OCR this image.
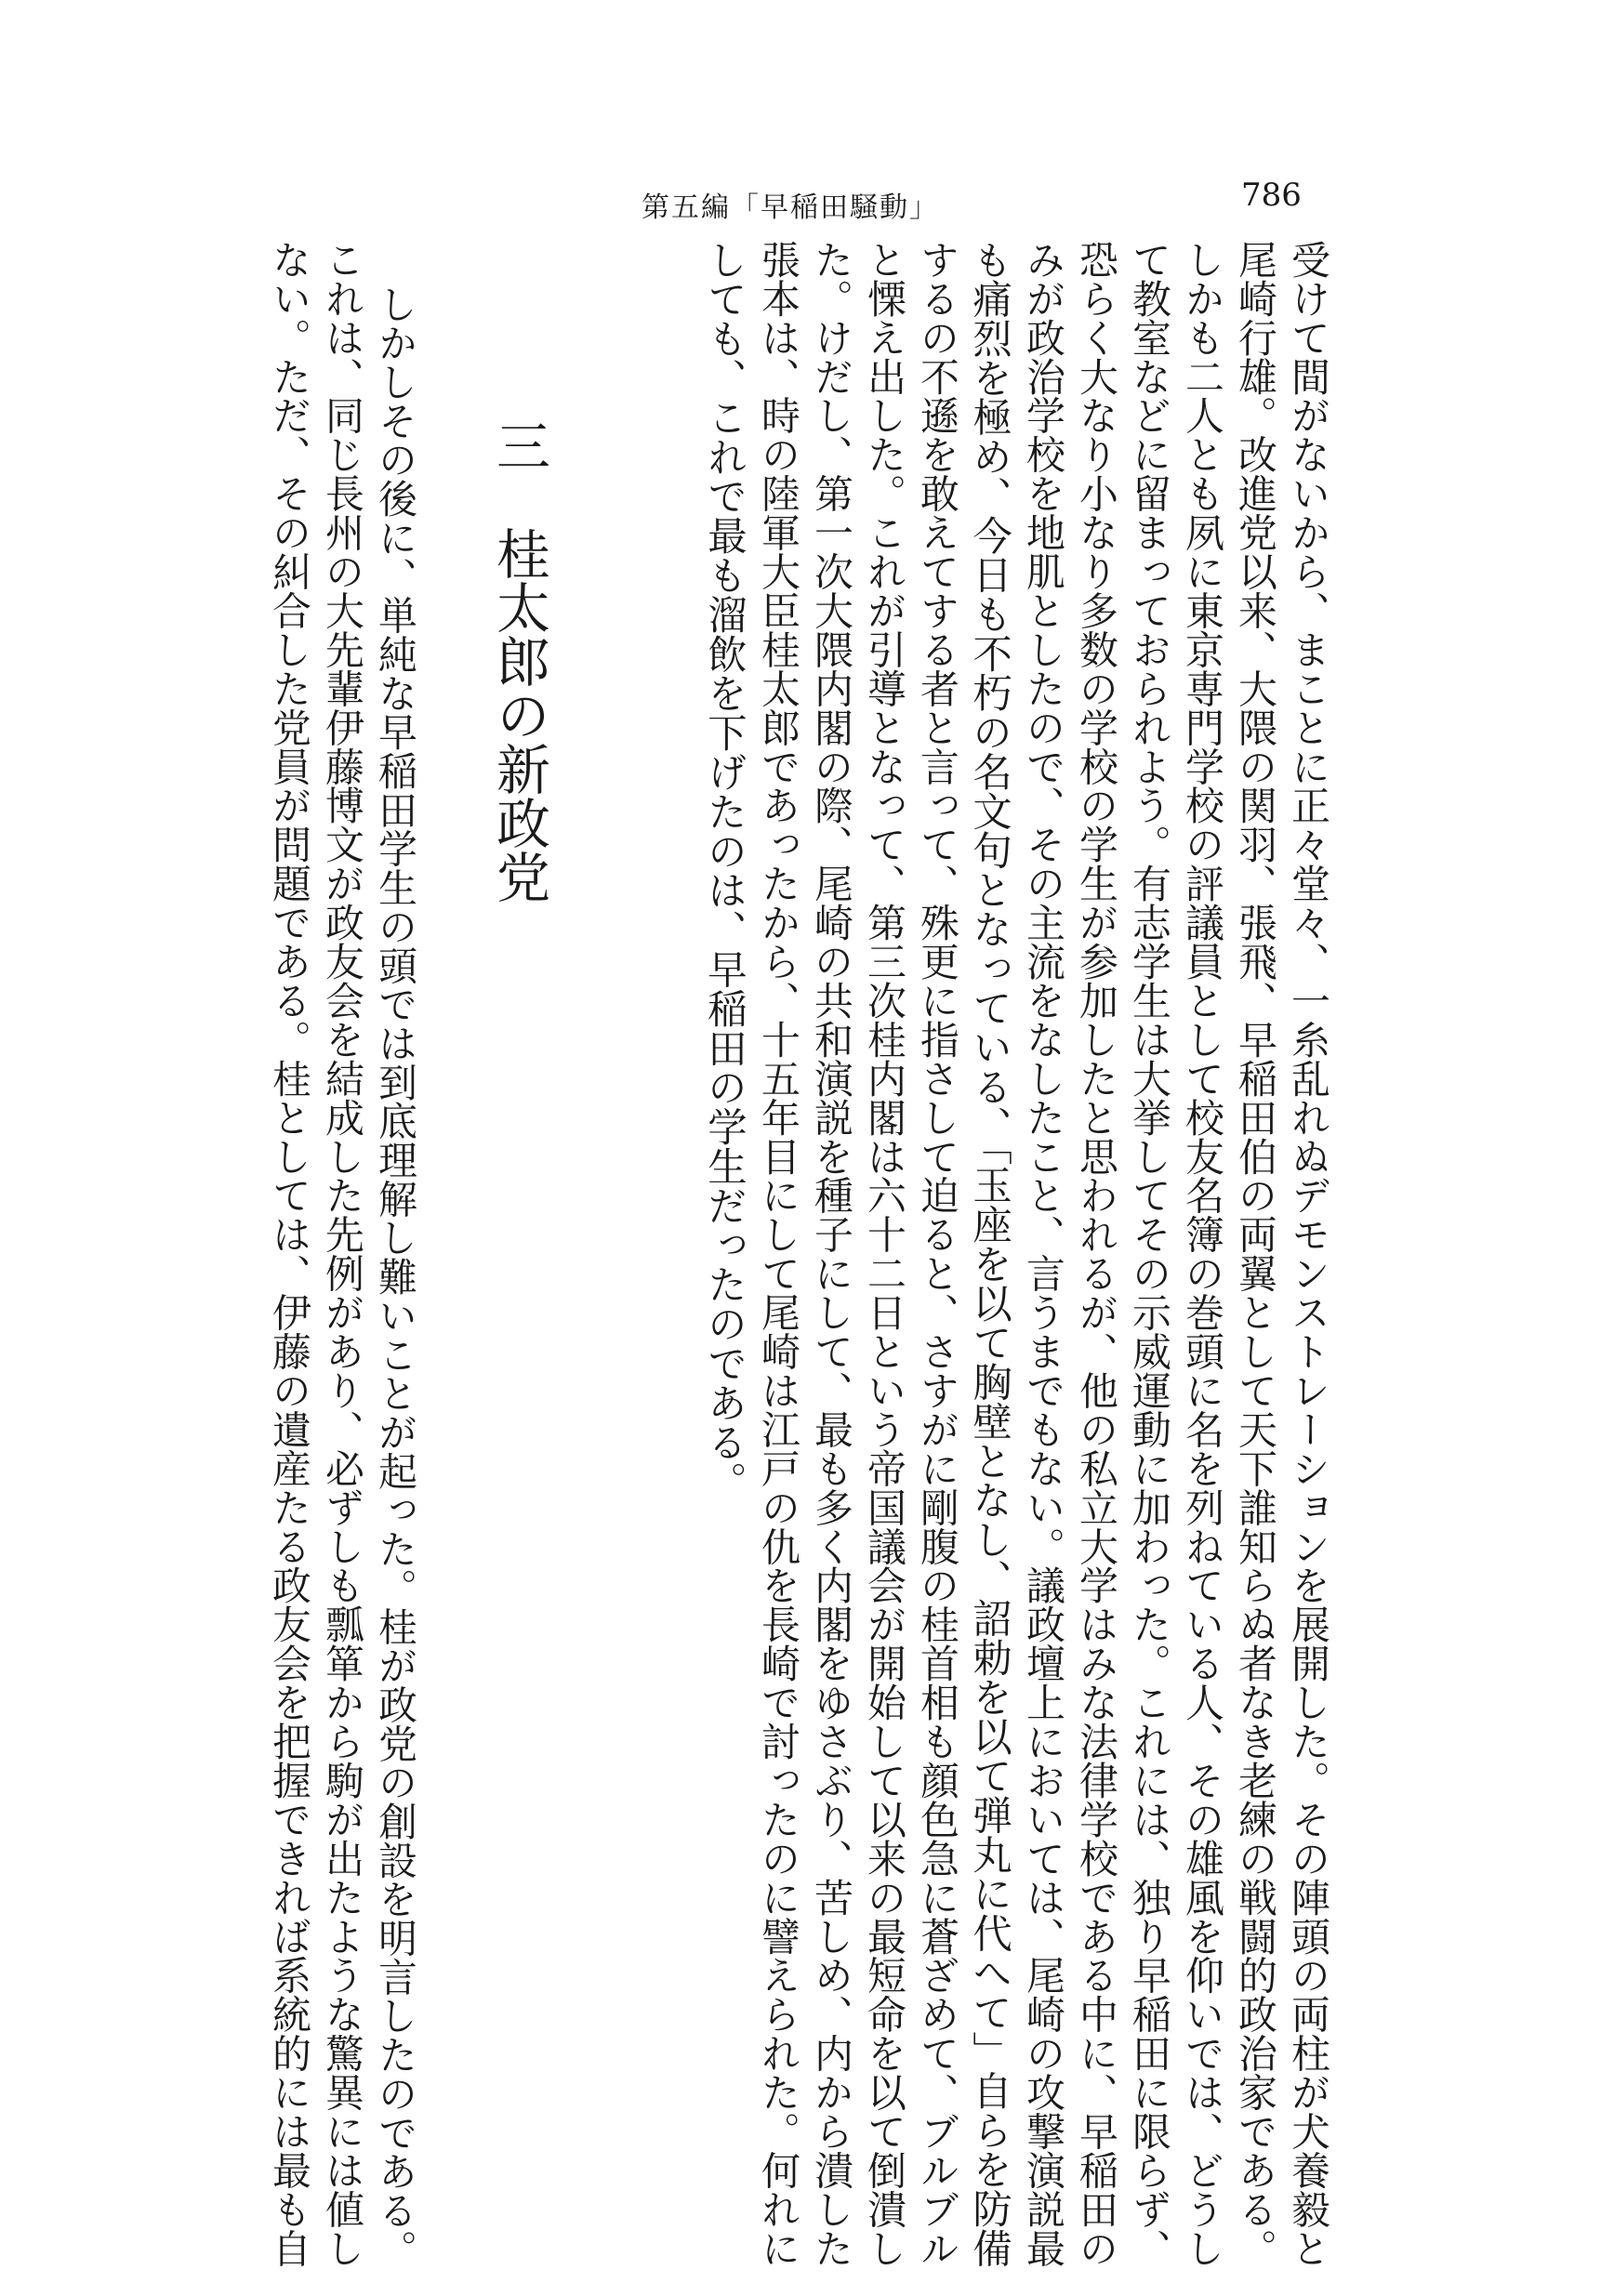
第五編「早稲田騒動」	786
受けて間がないから、まことに正々堂々、一糸乱れぬデモンストレーションを展開した。その陣頭の両柱が犬養毅と
尾崎行雄。改進党以来、大隈の関羽、張飛、早稲田伯の両翼として天下誰知らぬ者なき老練の戦闘的政治家である。
しかも二人とも夙に東京専門学校の評議員として校友名簿の巻頭に名を列ねている人、その雄風を仰いでは、どうし
て教室などに留まっておられよう。有志学生は大挙してその示威運動に加わった。これには、独り早稲田に限らず、
恐らく大なり小なり多数の学校の学生が参加したと思われるが、他の私立大学はみな法律学校である中に、早稲田の
みが政治学校を地肌としたので、その主流をなしたこと、言うまでもない。議政壇上においては、尾崎の攻撃演説最
も痛烈を極め、今日も不朽の名文句となっている、「玉座を以て胸壁となし、詔勅を以て弾丸に代へて」自らを防備
するの不遜を敢えてする者と言って、殊更に指さして迫ると、さすがに剛腹の桂首相も顔色急に蒼ざめて、ブルブル
と慄え出した。これが引導となって、第三次桂内閣は六十二日という帝国議会が開始して以来の最短命を以て倒潰し
た。けだし、第一次大隈内閣の際、尾崎の共和演説を種子にして、最も多く内閣をゆさぶり、苦しめ、内から潰した
張本は、時の陸軍大臣桂太郎であったから、十五年目にして尾崎は江戸の仇を長崎で討ったのに譬えられた。何れに
しても、これで最も溜飲を下げたのは、早稲田の学生だったのである。
三　桂太郎の新政党
しかしその後に、単純な早稲田学生の頭では到底理解し難いことが起った。桂が政党の創設を明言したのである。
これは、同じ長州の大先輩伊藤博文が政友会を結成した先例があり、必ずしも瓢箪から駒が出たような驚異には値し
ない。ただ、その糾合した党員が問題である。桂としては、伊藤の遺産たる政友会を把握できれば系統的には最も自
